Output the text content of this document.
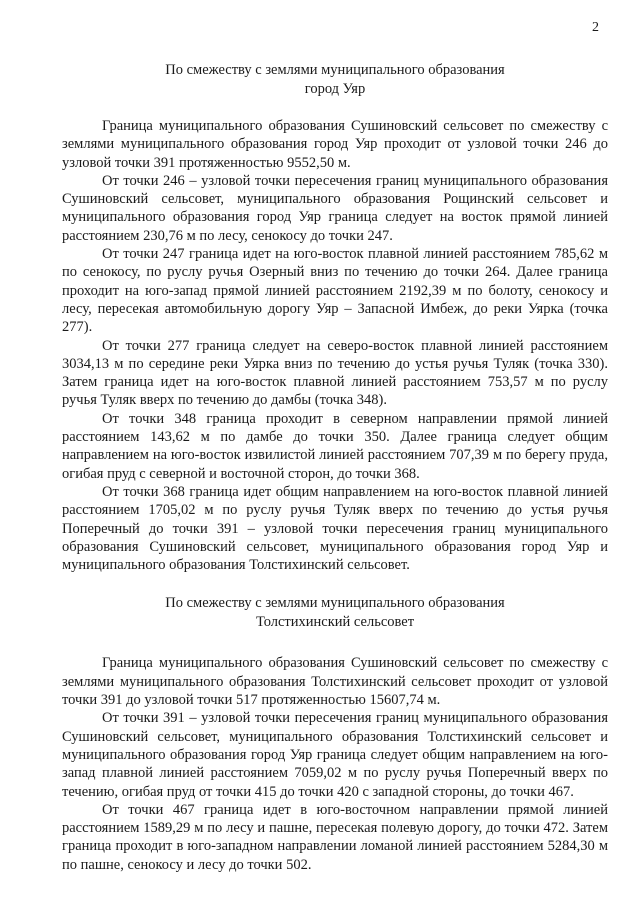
2

По смежеству с землями муниципального образования
город Уяр

Граница муниципального образования Сушиновский сельсовет по смежеству с землями муниципального образования город Уяр проходит от узловой точки 246 до узловой точки 391 протяженностью 9552,50 м.

От точки 246 – узловой точки пересечения границ муниципального образования Сушиновский сельсовет, муниципального образования Рощинский сельсовет и муниципального образования город Уяр граница следует на восток прямой линией расстоянием 230,76 м по лесу, сенокосу до точки 247.

От точки 247 граница идет на юго-восток плавной линией расстоянием 785,62 м по сенокосу, по руслу ручья Озерный вниз по течению до точки 264. Далее граница проходит на юго-запад прямой линией расстоянием 2192,39 м по болоту, сенокосу и лесу, пересекая автомобильную дорогу Уяр – Запасной Имбеж, до реки Уярка (точка 277).

От точки 277 граница следует на северо-восток плавной линией расстоянием 3034,13 м по середине реки Уярка вниз по течению до устья ручья Туляк (точка 330). Затем граница идет на юго-восток плавной линией расстоянием 753,57 м по руслу ручья Туляк вверх по течению до дамбы (точка 348).

От точки 348 граница проходит в северном направлении прямой линией расстоянием 143,62 м по дамбе до точки 350. Далее граница следует общим направлением на юго-восток извилистой линией расстоянием 707,39 м по берегу пруда, огибая пруд с северной и восточной сторон, до точки 368.

От точки 368 граница идет общим направлением на юго-восток плавной линией расстоянием 1705,02 м по руслу ручья Туляк вверх по течению до устья ручья Поперечный до точки 391 – узловой точки пересечения границ муниципального образования Сушиновский сельсовет, муниципального образования город Уяр и муниципального образования Толстихинский сельсовет.

По смежеству с землями муниципального образования
Толстихинский сельсовет

Граница муниципального образования Сушиновский сельсовет по смежеству с землями муниципального образования Толстихинский сельсовет проходит от узловой точки 391 до узловой точки 517 протяженностью 15607,74 м.

От точки 391 – узловой точки пересечения границ муниципального образования Сушиновский сельсовет, муниципального образования Толстихинский сельсовет и муниципального образования город Уяр граница следует общим направлением на юго-запад плавной линией расстоянием 7059,02 м по руслу ручья Поперечный вверх по течению, огибая пруд от точки 415 до точки 420 с западной стороны, до точки 467.

От точки 467 граница идет в юго-восточном направлении прямой линией расстоянием 1589,29 м по лесу и пашне, пересекая полевую дорогу, до точки 472. Затем граница проходит в юго-западном направлении ломаной линией расстоянием 5284,30 м по пашне, сенокосу и лесу до точки 502.
